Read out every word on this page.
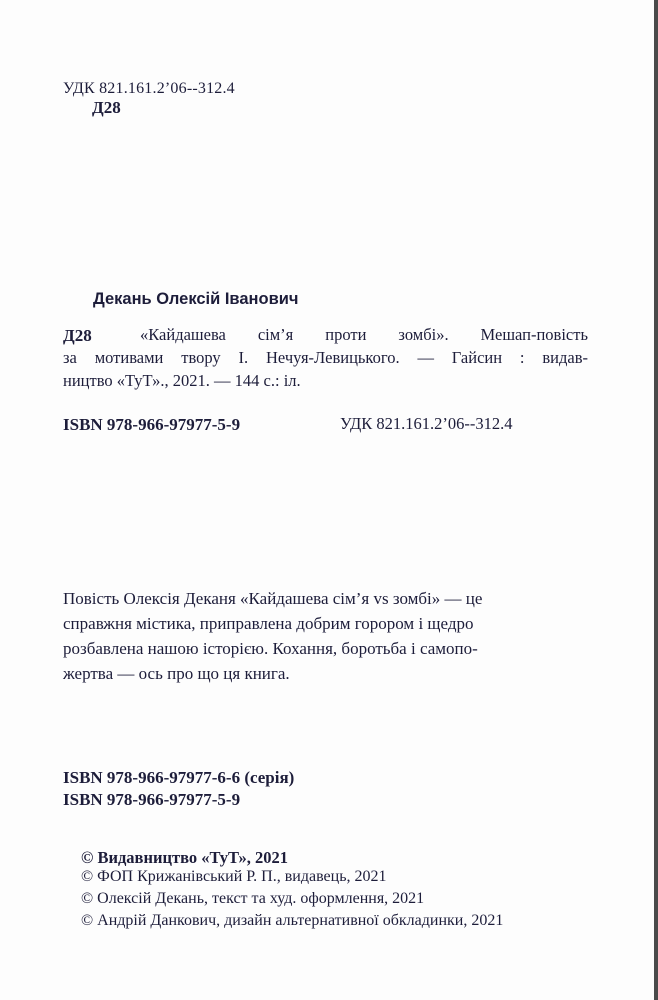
УДК 821.161.2’06--312.4
Д28
Декань Олексій Іванович
Д28	«Кайдашева сім’я проти зомбі». Мешап-повість
за мотивами твору І. Нечуя-Левицького. — Гайсин : видав-
ництво «ТуТ»., 2021. — 144 с.: іл.
ISBN 978-966-97977-5-9	УДК 821.161.2’06--312.4
Повість Олексія Деканя «Кайдашева сім’я vs зомбі» — це
справжня містика, приправлена добрим горором і щедро
розбавлена нашою історією. Кохання, боротьба і самопо-
жертва — ось про що ця книга.
ISBN 978-966-97977-6-6 (серія)
ISBN 978-966-97977-5-9
© Видавництво «ТуТ», 2021
© ФОП Крижанівський Р. П., видавець, 2021
© Олексій Декань, текст та худ. оформлення, 2021
© Андрій Данкович, дизайн альтернативної обкладинки, 2021
